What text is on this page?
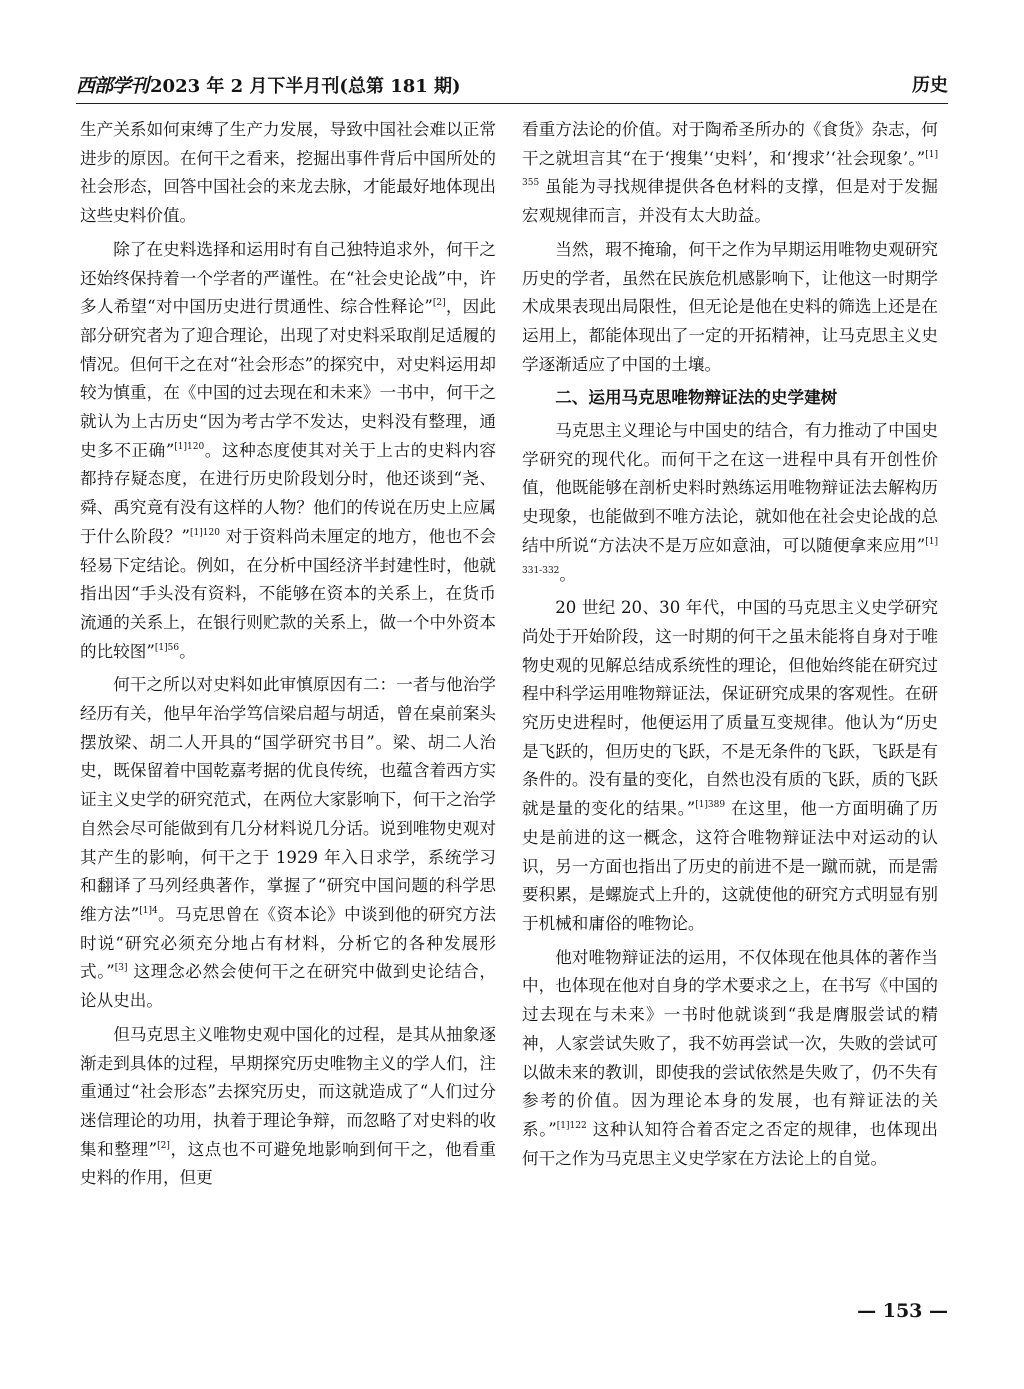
西部学刊 2023 年 2 月下半月刊(总第 181 期)	历史

生产关系如何束缚了生产力发展，导致中国社会难以正常进步的原因。在何干之看来，挖掘出事件背后中国所处的社会形态，回答中国社会的来龙去脉，才能最好地体现出这些史料价值。

除了在史料选择和运用时有自己独特追求外，何干之还始终保持着一个学者的严谨性。在“社会史论战”中，许多人希望“对中国历史进行贯通性、综合性释论”[2]，因此部分研究者为了迎合理论，出现了对史料采取削足适履的情况。但何干之在对“社会形态”的探究中，对史料运用却较为慎重，在《中国的过去现在和未来》一书中，何干之就认为上古历史“因为考古学不发达，史料没有整理，通史多不正确”$^{[1]120}$。这种态度使其对关于上古的史料内容都持存疑态度，在进行历史阶段划分时，他还谈到“尧、舜、禹究竟有没有这样的人物？他们的传说在历史上应属于什么阶段？”$^{[1]120}$ 对于资料尚未厘定的地方，他也不会轻易下定结论。例如，在分析中国经济半封建性时，他就指出因“手头没有资料，不能够在资本的关系上，在货币流通的关系上，在银行则贮款的关系上，做一个中外资本的比较图”$^{[1]56}$。

何干之所以对史料如此审慎原因有二：一者与他治学经历有关，他早年治学笃信梁启超与胡适，曾在桌前案头摆放梁、胡二人开具的“国学研究书目”。梁、胡二人治史，既保留着中国乾嘉考据的优良传统，也蕴含着西方实证主义史学的研究范式，在两位大家影响下，何干之治学自然会尽可能做到有几分材料说几分话。说到唯物史观对其产生的影响，何干之于 1929 年入日求学，系统学习和翻译了马列经典著作，掌握了“研究中国问题的科学思维方法”$^{[1]4}$。马克思曾在《资本论》中谈到他的研究方法时说“研究必须充分地占有材料，分析它的各种发展形式。”[3] 这理念必然会使何干之在研究中做到史论结合，论从史出。

但马克思主义唯物史观中国化的过程，是其从抽象逐渐走到具体的过程，早期探究历史唯物主义的学人们，注重通过“社会形态”去探究历史，而这就造成了“人们过分迷信理论的功用，执着于理论争辩，而忽略了对史料的收集和整理”[2]，这点也不可避免地影响到何干之，他看重史料的作用，但更

看重方法论的价值。对于陶希圣所办的《食货》杂志，何干之就坦言其“在于‘搜集’‘史料’，和‘搜求’‘社会现象’。”$^{[1]355}$ 虽能为寻找规律提供各色材料的支撑，但是对于发掘宏观规律而言，并没有太大助益。

当然，瑕不掩瑜，何干之作为早期运用唯物史观研究历史的学者，虽然在民族危机感影响下，让他这一时期学术成果表现出局限性，但无论是他在史料的筛选上还是在运用上，都能体现出了一定的开拓精神，让马克思主义史学逐渐适应了中国的土壤。

二、运用马克思唯物辩证法的史学建树

马克思主义理论与中国史的结合，有力推动了中国史学研究的现代化。而何干之在这一进程中具有开创性价值，他既能够在剖析史料时熟练运用唯物辩证法去解构历史现象，也能做到不唯方法论，就如他在社会史论战的总结中所说“方法决不是万应如意油，可以随便拿来应用”$^{[1]331-332}$。

20 世纪 20、30 年代，中国的马克思主义史学研究尚处于开始阶段，这一时期的何干之虽未能将自身对于唯物史观的见解总结成系统性的理论，但他始终能在研究过程中科学运用唯物辩证法，保证研究成果的客观性。在研究历史进程时，他便运用了质量互变规律。他认为“历史是飞跃的，但历史的飞跃，不是无条件的飞跃，飞跃是有条件的。没有量的变化，自然也没有质的飞跃，质的飞跃就是量的变化的结果。”$^{[1]389}$ 在这里，他一方面明确了历史是前进的这一概念，这符合唯物辩证法中对运动的认识，另一方面也指出了历史的前进不是一蹴而就，而是需要积累，是螺旋式上升的，这就使他的研究方式明显有别于机械和庸俗的唯物论。

他对唯物辩证法的运用，不仅体现在他具体的著作当中，也体现在他对自身的学术要求之上，在书写《中国的过去现在与未来》一书时他就谈到“我是膺服尝试的精神，人家尝试失败了，我不妨再尝试一次，失败的尝试可以做未来的教训，即使我的尝试依然是失败了，仍不失有参考的价值。因为理论本身的发展，也有辩证法的关系。”$^{[1]122}$ 这种认知符合着否定之否定的规律，也体现出何干之作为马克思主义史学家在方法论上的自觉。

— 153 —
